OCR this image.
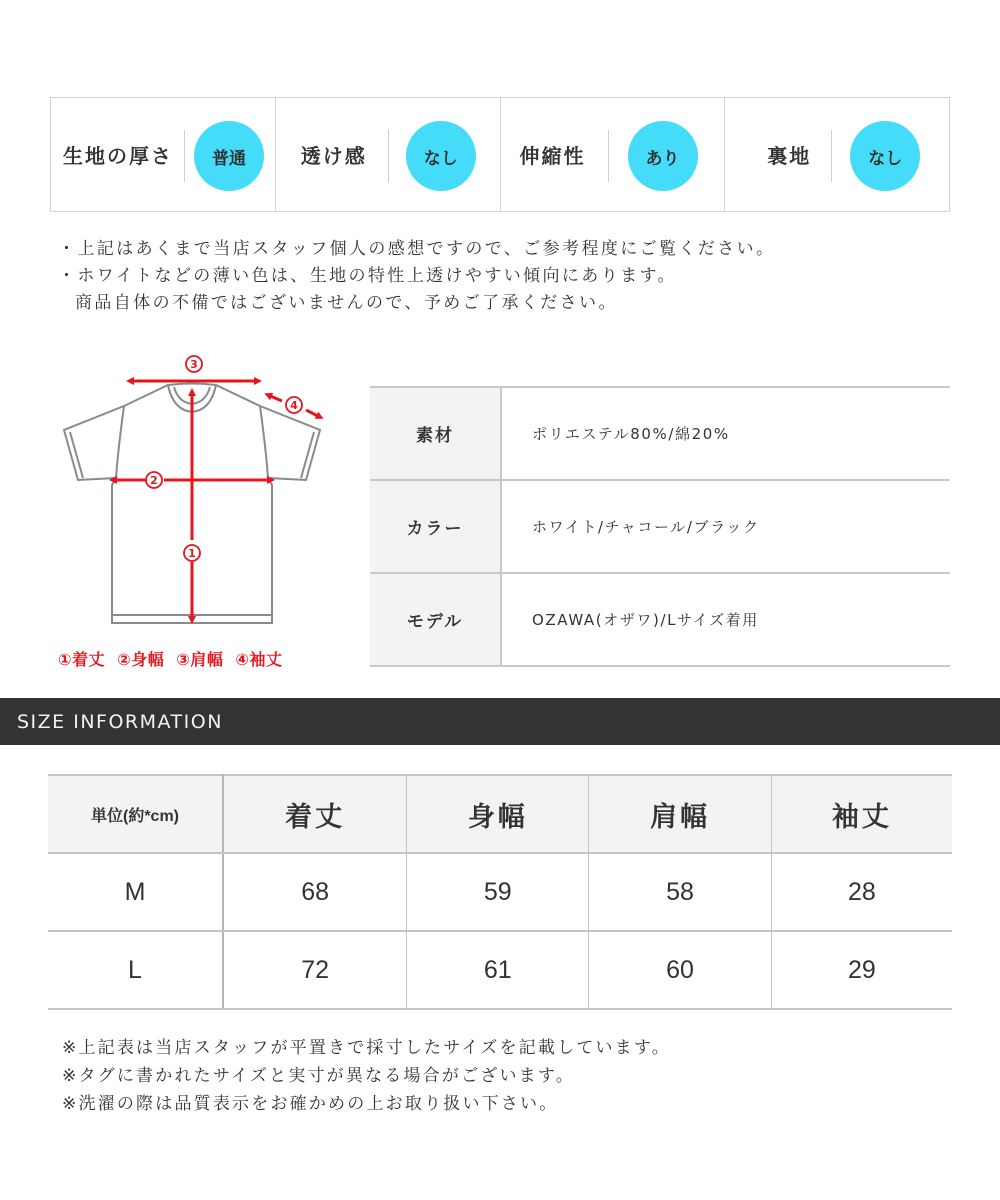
生地の厚さ	普通	透け感	なし	伸縮性	あり	裏地	なし
・上記はあくまで当店スタッフ個人の感想ですので、ご参考程度にご覧ください。
・ホワイトなどの薄い色は、生地の特性上透けやすい傾向にあります。
商品自体の不備ではございませんので、予めご了承ください。
3
4
2
1
①着丈 ②身幅 ③肩幅 ④袖丈
素材	ポリエステル80%/綿20%
カラー	ホワイト/チャコール/ブラック
モデル	OZAWA(オザワ)/Lサイズ着用
SIZE INFORMATION
単位(約*cm)	着丈	身幅	肩幅	袖丈
M	68	59	58	28
L	72	61	60	29
※上記表は当店スタッフが平置きで採寸したサイズを記載しています。
※タグに書かれたサイズと実寸が異なる場合がございます。
※洗濯の際は品質表示をお確かめの上お取り扱い下さい。
